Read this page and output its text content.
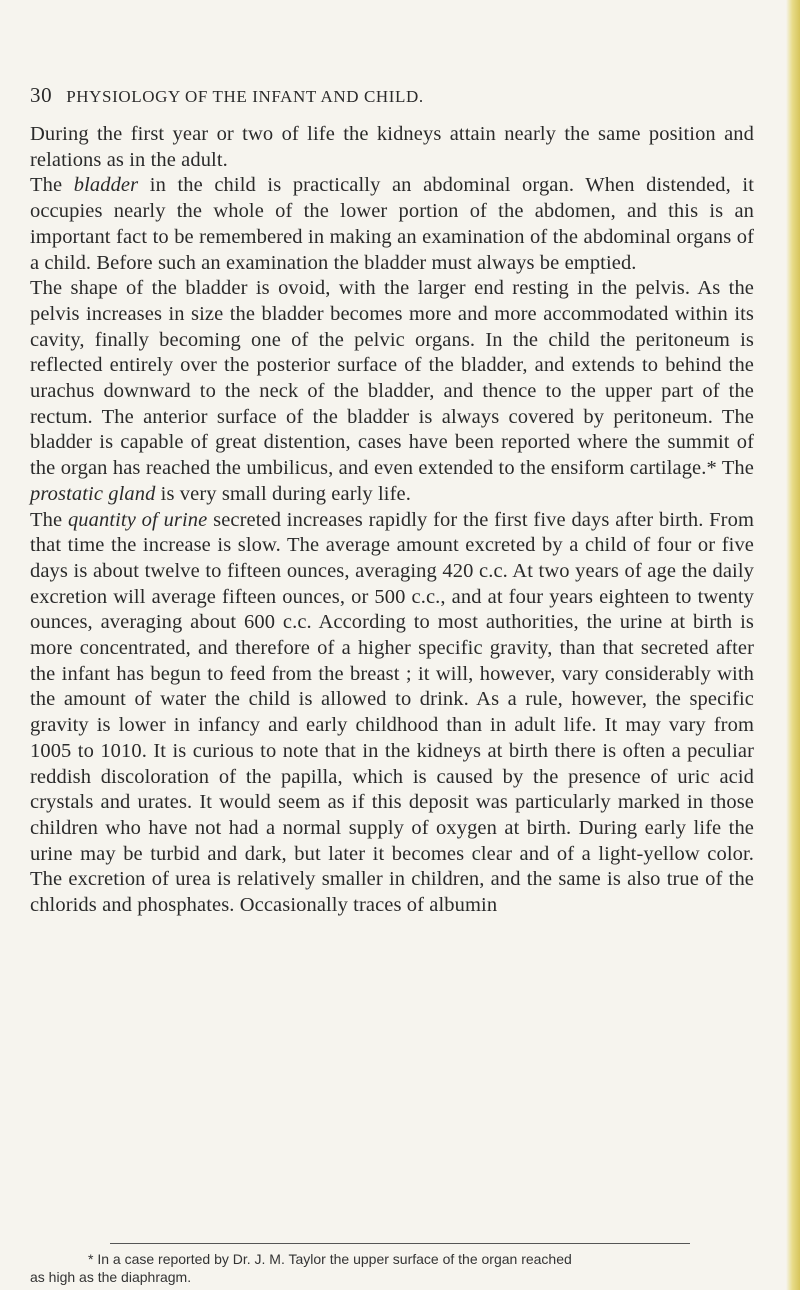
30 PHYSIOLOGY OF THE INFANT AND CHILD.

During the first year or two of life the kidneys attain nearly the same position and relations as in the adult.

The bladder in the child is practically an abdominal organ. When distended, it occupies nearly the whole of the lower portion of the abdomen, and this is an important fact to be remembered in making an examination of the abdominal organs of a child. Before such an examination the bladder must always be emptied.

The shape of the bladder is ovoid, with the larger end resting in the pelvis. As the pelvis increases in size the bladder becomes more and more accommodated within its cavity, finally becoming one of the pelvic organs. In the child the peritoneum is reflected entirely over the posterior surface of the bladder, and extends to behind the urachus downward to the neck of the bladder, and thence to the upper part of the rectum. The anterior surface of the bladder is always covered by peritoneum. The bladder is capable of great distention, cases have been reported where the summit of the organ has reached the umbilicus, and even extended to the ensiform cartilage.* The prostatic gland is very small during early life.

The quantity of urine secreted increases rapidly for the first five days after birth. From that time the increase is slow. The average amount excreted by a child of four or five days is about twelve to fifteen ounces, averaging 420 c.c. At two years of age the daily excretion will average fifteen ounces, or 500 c.c., and at four years eighteen to twenty ounces, averaging about 600 c.c. According to most authorities, the urine at birth is more concentrated, and therefore of a higher specific gravity, than that secreted after the infant has begun to feed from the breast ; it will, however, vary considerably with the amount of water the child is allowed to drink. As a rule, however, the specific gravity is lower in infancy and early childhood than in adult life. It may vary from 1005 to 1010. It is curious to note that in the kidneys at birth there is often a peculiar reddish discoloration of the papilla, which is caused by the presence of uric acid crystals and urates. It would seem as if this deposit was particularly marked in those children who have not had a normal supply of oxygen at birth. During early life the urine may be turbid and dark, but later it becomes clear and of a light-yellow color. The excretion of urea is relatively smaller in children, and the same is also true of the chlorids and phosphates. Occasionally traces of albumin

* In a case reported by Dr. J. M. Taylor the upper surface of the organ reached
as high as the diaphragm.
